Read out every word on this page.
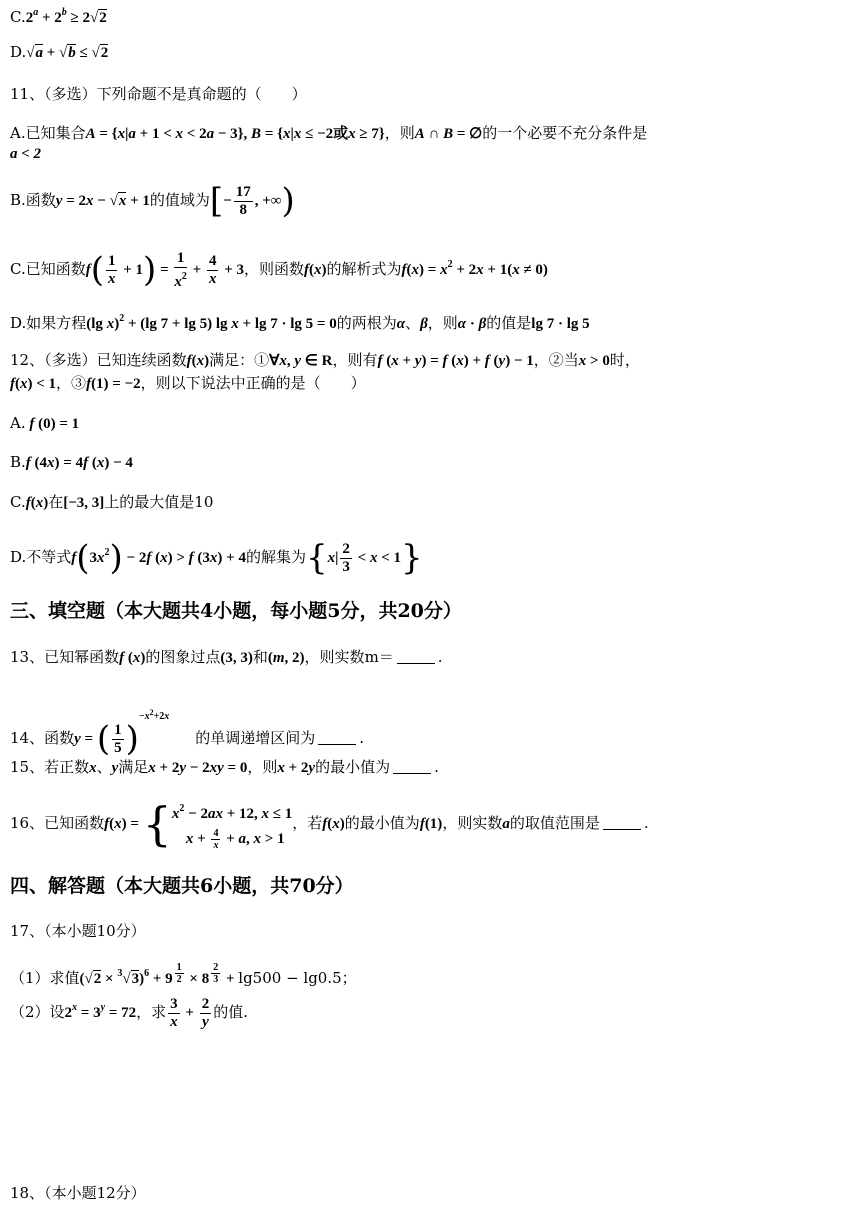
$C.2^a + 2^b \ge 2√2$
D.√a + √b ≤ √2
11、（多选）下列命题不是真命题的（　　）
A.已知集合A = {x|a + 1 < x < 2a − 3}, B = {x|x ≤ −2或x ≥ 7}，则A ∩ B = ∅的一个必要不充分条件是
a < 2
B.函数y = 2x − √x + 1的值域为[− $\frac{17}{8}$ , +∞)
C.已知函数$f( \frac{1}{x} + 1) = \frac{1}{x^2} + \frac{4}{x} + 3$，则函数f(x)的解析式为$f(x) = x^2 + 2x + 1(x \ne 0)$
D.如果方程(lg x)$^2$ + (lg 7 + lg 5) lg x + lg 7 · lg 5 = 0的两根为α、β，则α · β的值是lg 7 · lg 5
12、（多选）已知连续函数f(x)满足：①∀x, y ∈ R，则有f (x + y) = f (x) + f (y) − 1，②当x > 0时，
f(x) < 1，③f(1) = −2，则以下说法中正确的是（　　）
A. f (0) = 1
B.f (4x) = 4f (x) − 4
C.f(x)在[−3, 3]上的最大值是10
D.不等式$f(3x^2) - 2f$ (x) > f (3x) + 4的解集为$\{x| \frac{2}{3} < x < 1\}$
三、填空题（本大题共4小题，每小题5分，共20分）
13、已知幂函数f (x)的图象过点(3, 3)和(m, 2)，则实数m＝	.
14、函数y = ( $\frac{1}{5} )^{-x^2+2x}$的单调递增区间为	.
15、若正数x、y满足x + 2y − 2xy = 0，则x + 2y的最小值为	.
16、已知函数f(x) = { $x^2 - 2ax + 12$, x ≤ 1
$x + \frac{4}{x} + a$, x > 1
，若f(x)的最小值为f(1)，则实数a的取值范围是	.
四、解答题（本大题共6小题，共70分）
17、（本小题10分）
（1）求值$(√2 \times ^3√3)^6 + 9$ $^{\frac{1}{2}}$ × 8 $^{\frac{2}{3}}$ + lg500 − lg0.5；
（2）设$2^x = 3^y = 72$，求 $\frac{3}{x} + \frac{2}{y}$ 的值.
18、（本小题12分）
